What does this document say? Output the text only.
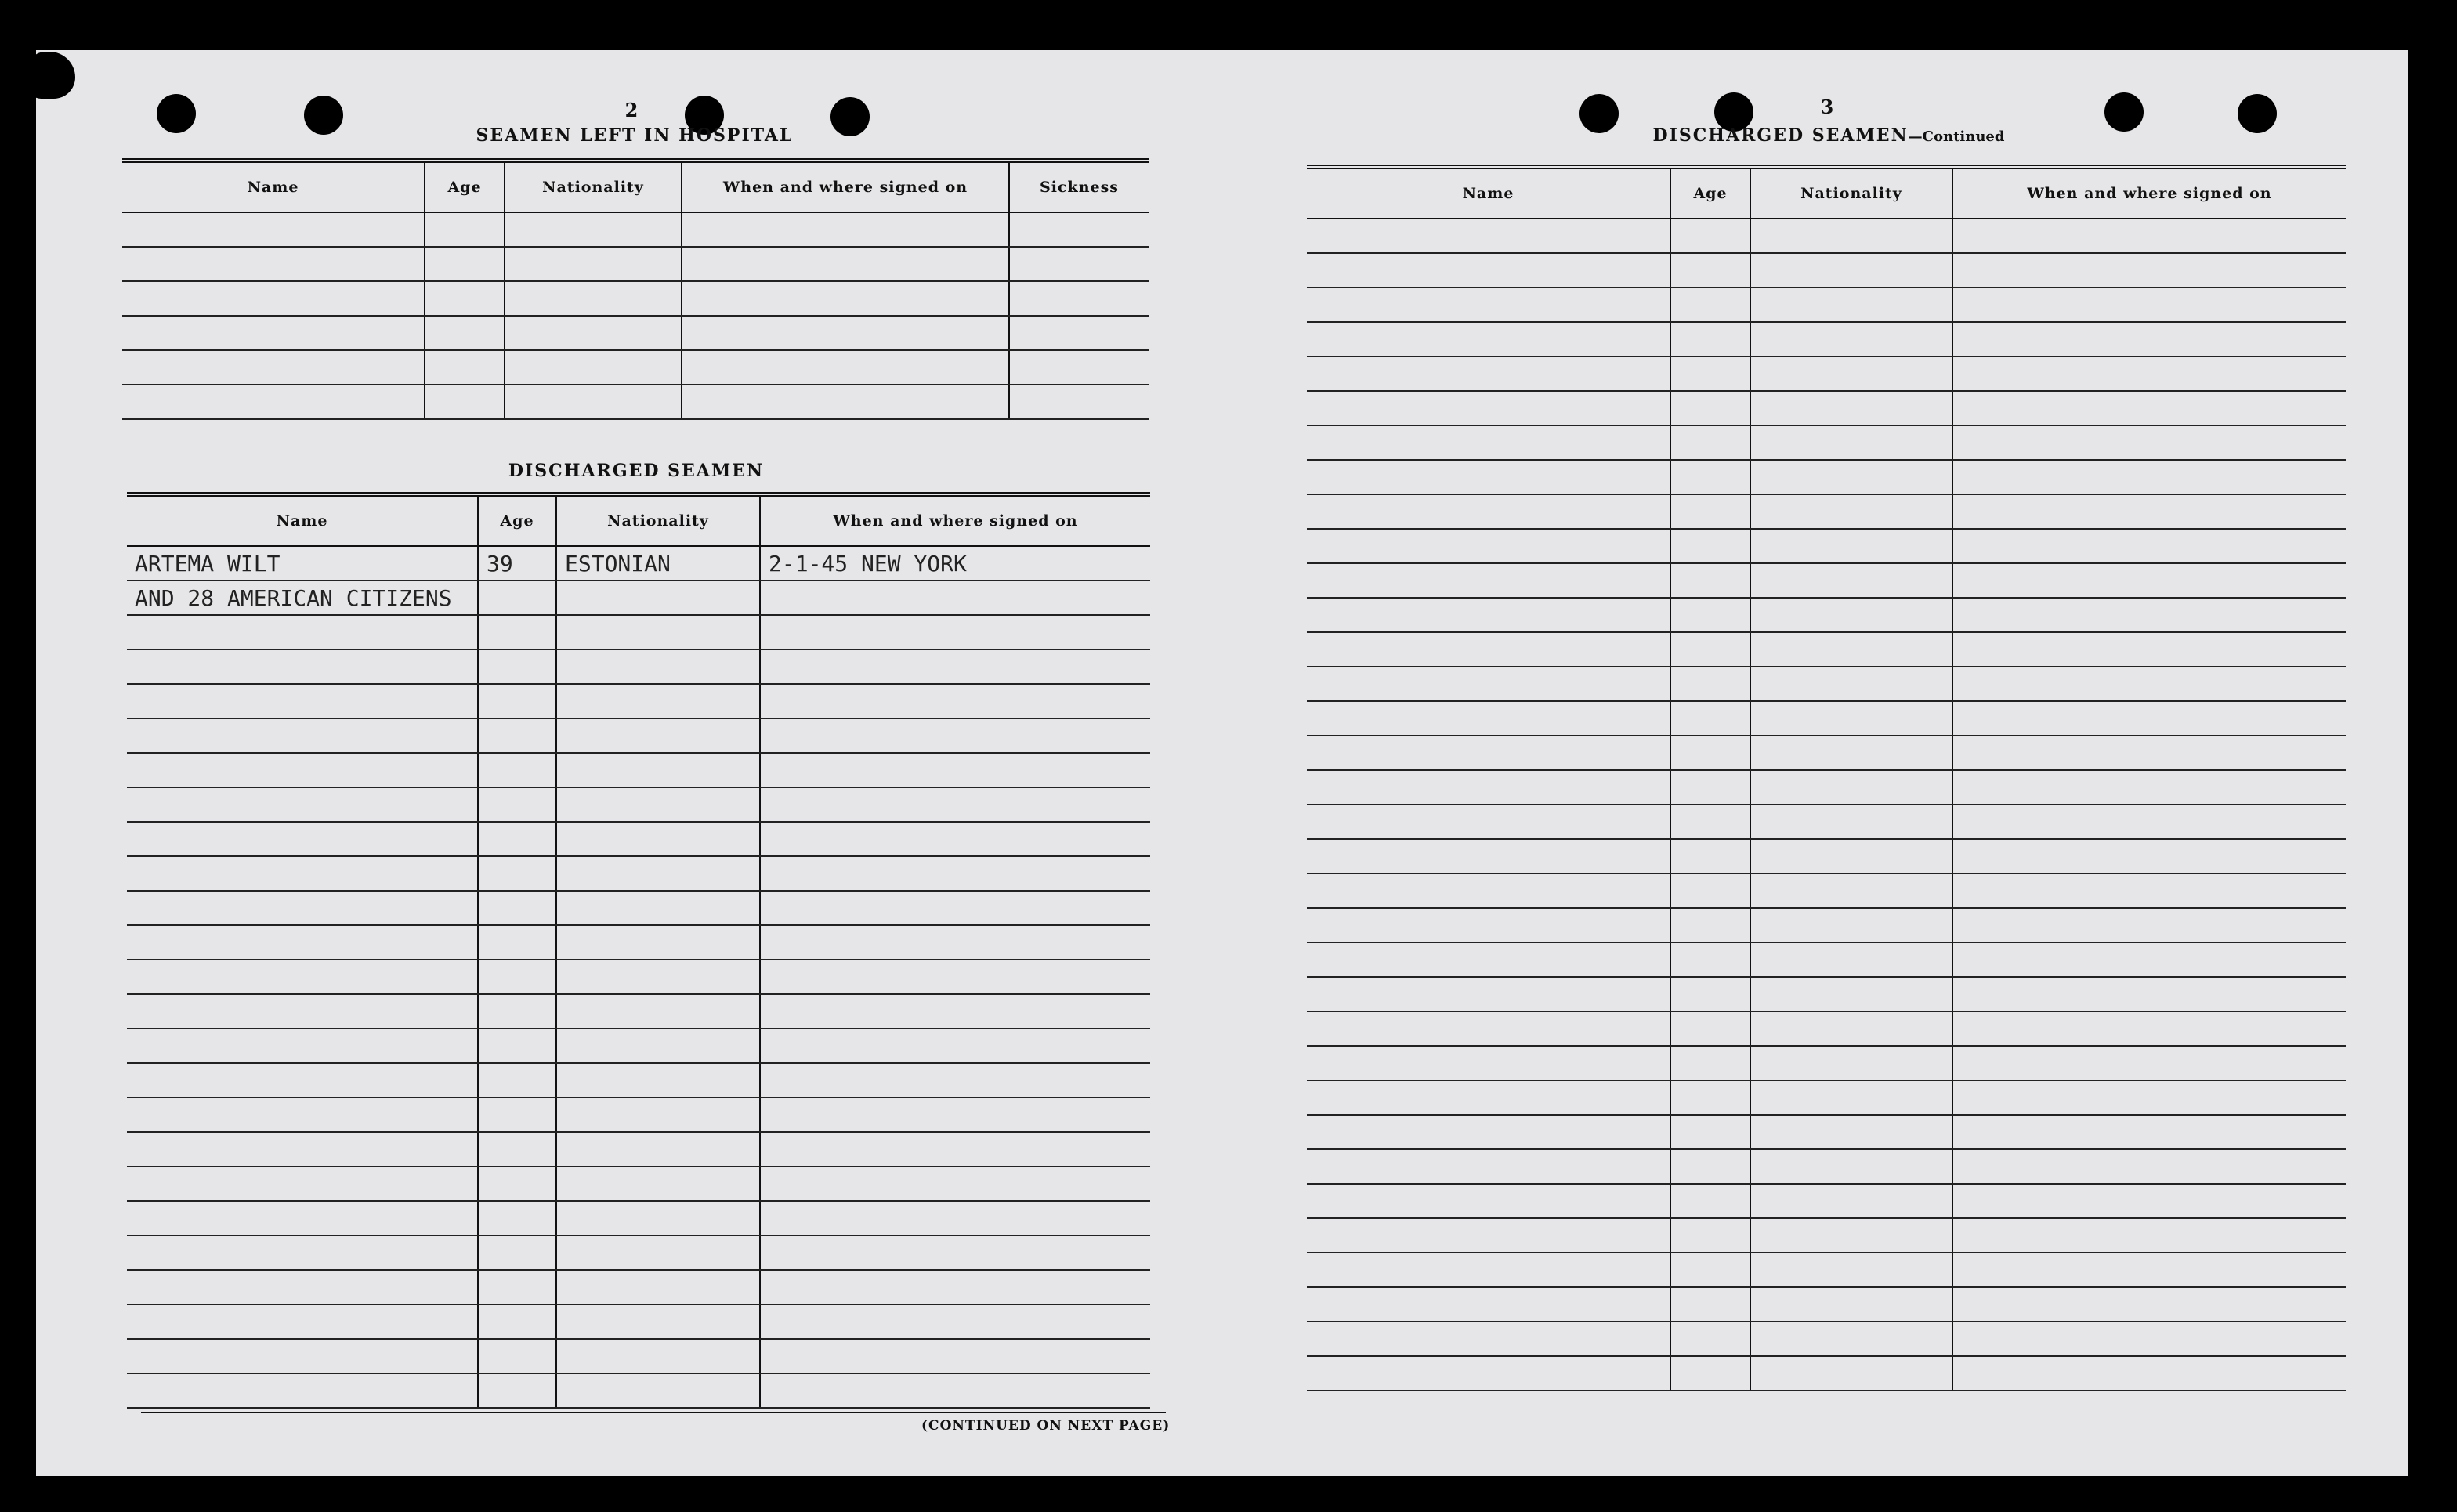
2
SEAMEN LEFT IN HOSPITAL
Name	Age	Nationality	When and where signed on	Sickness

DISCHARGED SEAMEN
Name	Age	Nationality	When and where signed on
ARTEMA WILT	39	ESTONIAN	2-1-45 NEW YORK
AND 28 AMERICAN CITIZENS			

(CONTINUED ON NEXT PAGE)
3
DISCHARGED SEAMEN—Continued
Name	Age	Nationality	When and where signed on
